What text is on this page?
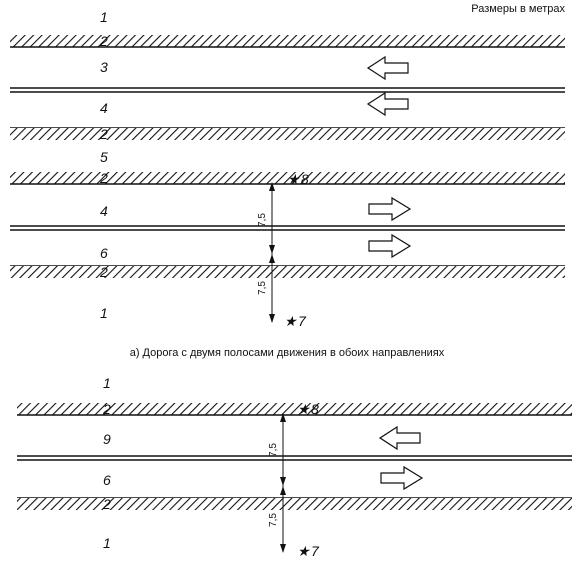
Размеры в метрах
1
2
3
4
2
5
2	★ 8
4
6
2
1
7,5
7,5
★ 7
а) Дорога с двумя полосами движения в обоих направлениях
1
2	★ 8
9
6
2
1
7,5
7,5
★ 7
